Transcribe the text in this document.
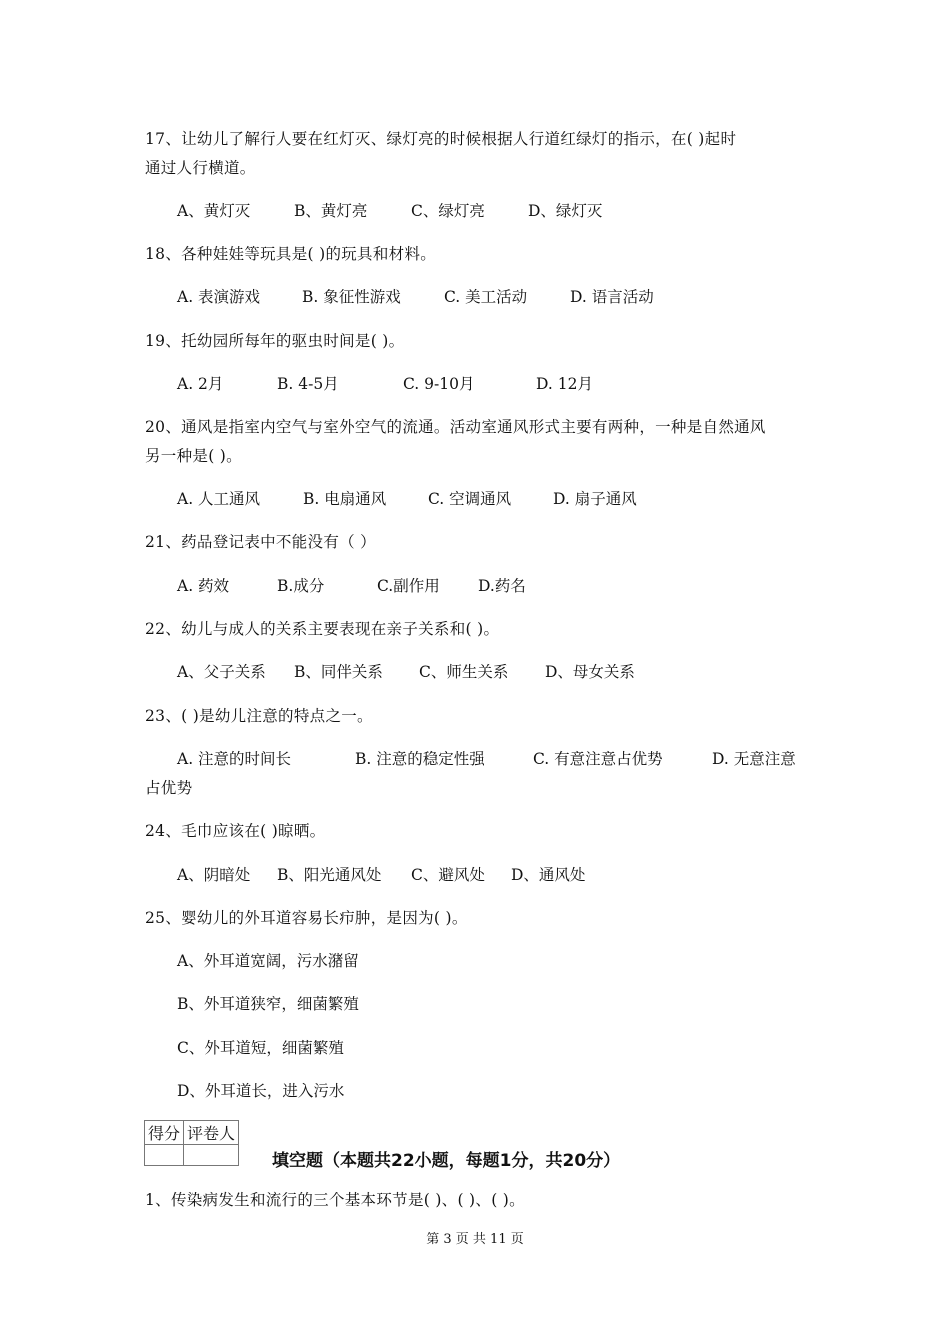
17、让幼儿了解行人要在红灯灭、绿灯亮的时候根据人行道红绿灯的指示，在( )起时
通过人行横道。
A、黄灯灭	B、黄灯亮	C、绿灯亮	D、绿灯灭
18、各种娃娃等玩具是( )的玩具和材料。
A. 表演游戏	B. 象征性游戏	C. 美工活动	D. 语言活动
19、托幼园所每年的驱虫时间是( )。
A. 2月	B. 4-5月	C. 9-10月	D. 12月
20、通风是指室内空气与室外空气的流通。活动室通风形式主要有两种，一种是自然通风
另一种是( )。
A. 人工通风	B. 电扇通风	C. 空调通风	D. 扇子通风
21、药品登记表中不能没有（ ）
A. 药效	B.成分	C.副作用 D.药名
22、幼儿与成人的关系主要表现在亲子关系和( )。
A、父子关系 B、同伴关系 C、师生关系 D、母女关系
23、( )是幼儿注意的特点之一。
A. 注意的时间长	B. 注意的稳定性强	C. 有意注意占优势	D. 无意注意
占优势
24、毛巾应该在( )晾晒。
A、阴暗处 B、阳光通风处 C、避风处 D、通风处
25、婴幼儿的外耳道容易长疖肿，是因为( )。
A、外耳道宽阔，污水潴留
B、外耳道狭窄，细菌繁殖
C、外耳道短，细菌繁殖
D、外耳道长，进入污水
得分	评卷人

填空题（本题共22小题，每题1分，共20分）
1、传染病发生和流行的三个基本环节是( )、( )、( )。
第 3 页 共 11 页
